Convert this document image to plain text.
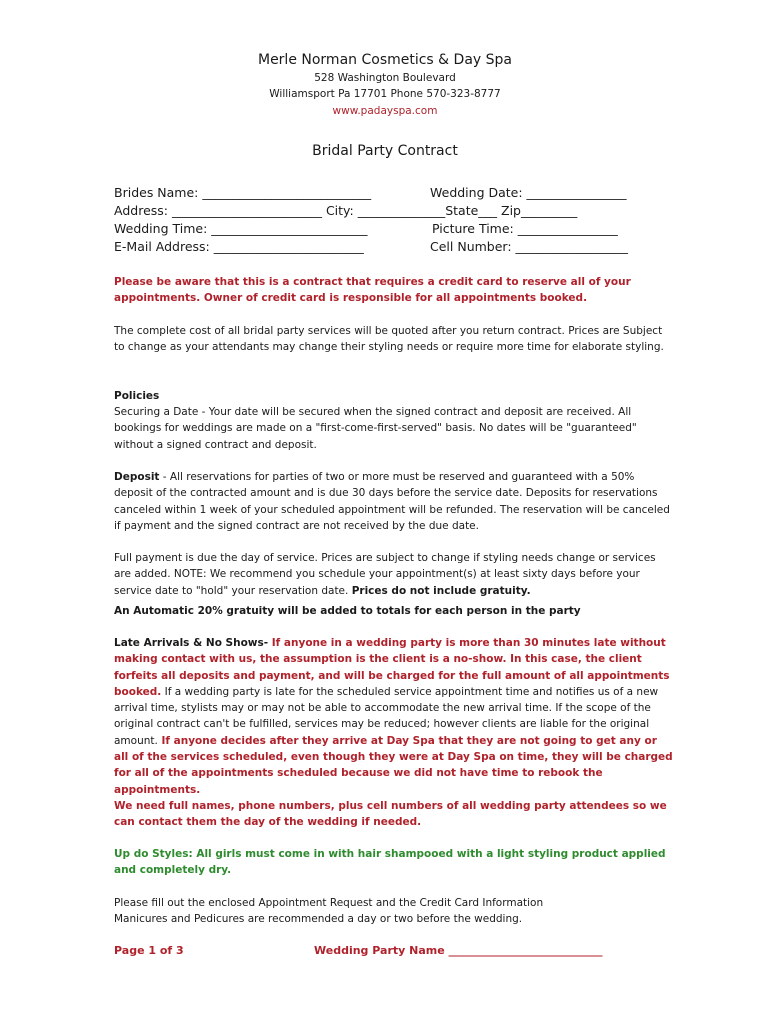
Merle Norman Cosmetics & Day Spa
528 Washington Boulevard
Williamsport Pa 17701 Phone 570-323-8777
www.padayspa.com
Bridal Party Contract
Brides Name: ___________________________	Wedding Date: ________________
Address: ________________________ City: ______________State___ Zip_________
Wedding Time: _________________________	Picture Time: ________________
E-Mail Address: ________________________	Cell Number: __________________
Please be aware that this is a contract that requires a credit card to reserve all of your appointments. Owner of credit card is responsible for all appointments booked.
The complete cost of all bridal party services will be quoted after you return contract. Prices are Subject to change as your attendants may change their styling needs or require more time for elaborate styling.
Policies
Securing a Date - Your date will be secured when the signed contract and deposit are received. All bookings for weddings are made on a "first-come-first-served" basis. No dates will be "guaranteed" without a signed contract and deposit.
Deposit - All reservations for parties of two or more must be reserved and guaranteed with a 50% deposit of the contracted amount and is due 30 days before the service date. Deposits for reservations canceled within 1 week of your scheduled appointment will be refunded. The reservation will be canceled if payment and the signed contract are not received by the due date.
Full payment is due the day of service. Prices are subject to change if styling needs change or services are added. NOTE: We recommend you schedule your appointment(s) at least sixty days before your service date to "hold" your reservation date. Prices do not include gratuity.
An Automatic 20% gratuity will be added to totals for each person in the party
Late Arrivals & No Shows- If anyone in a wedding party is more than 30 minutes late without making contact with us, the assumption is the client is a no-show. In this case, the client forfeits all deposits and payment, and will be charged for the full amount of all appointments booked. If a wedding party is late for the scheduled service appointment time and notifies us of a new arrival time, stylists may or may not be able to accommodate the new arrival time. If the scope of the original contract can't be fulfilled, services may be reduced; however clients are liable for the original amount. If anyone decides after they arrive at Day Spa that they are not going to get any or all of the services scheduled, even though they were at Day Spa on time, they will be charged for all of the appointments scheduled because we did not have time to rebook the appointments.
We need full names, phone numbers, plus cell numbers of all wedding party attendees so we can contact them the day of the wedding if needed.
Up do Styles: All girls must come in with hair shampooed with a light styling product applied and completely dry.
Please fill out the enclosed Appointment Request and the Credit Card Information
Manicures and Pedicures are recommended a day or two before the wedding.
Page 1 of 3	Wedding Party Name ____________________________
